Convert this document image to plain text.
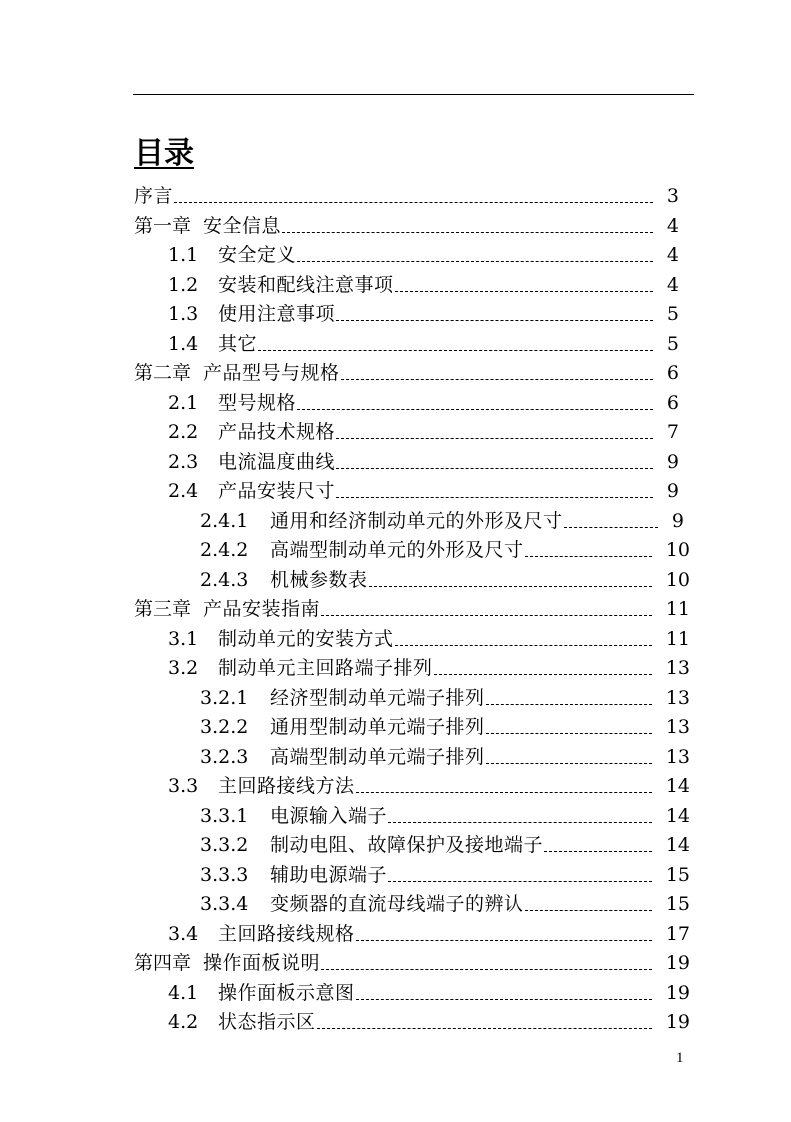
目录
序言	3
第一章 安全信息	4
1.1	安全定义	4
1.2	安装和配线注意事项	4
1.3	使用注意事项	5
1.4	其它	5
第二章 产品型号与规格	6
2.1	型号规格	6
2.2	产品技术规格	7
2.3	电流温度曲线	9
2.4	产品安装尺寸	9
2.4.1	通用和经济制动单元的外形及尺寸	9
2.4.2	高端型制动单元的外形及尺寸	10
2.4.3	机械参数表	10
第三章 产品安装指南	11
3.1	制动单元的安装方式	11
3.2	制动单元主回路端子排列	13
3.2.1	经济型制动单元端子排列	13
3.2.2	通用型制动单元端子排列	13
3.2.3	高端型制动单元端子排列	13
3.3	主回路接线方法	14
3.3.1	电源输入端子	14
3.3.2	制动电阻、故障保护及接地端子	14
3.3.3	辅助电源端子	15
3.3.4	变频器的直流母线端子的辨认	15
3.4	主回路接线规格	17
第四章 操作面板说明	19
4.1	操作面板示意图	19
4.2	状态指示区	19
1
